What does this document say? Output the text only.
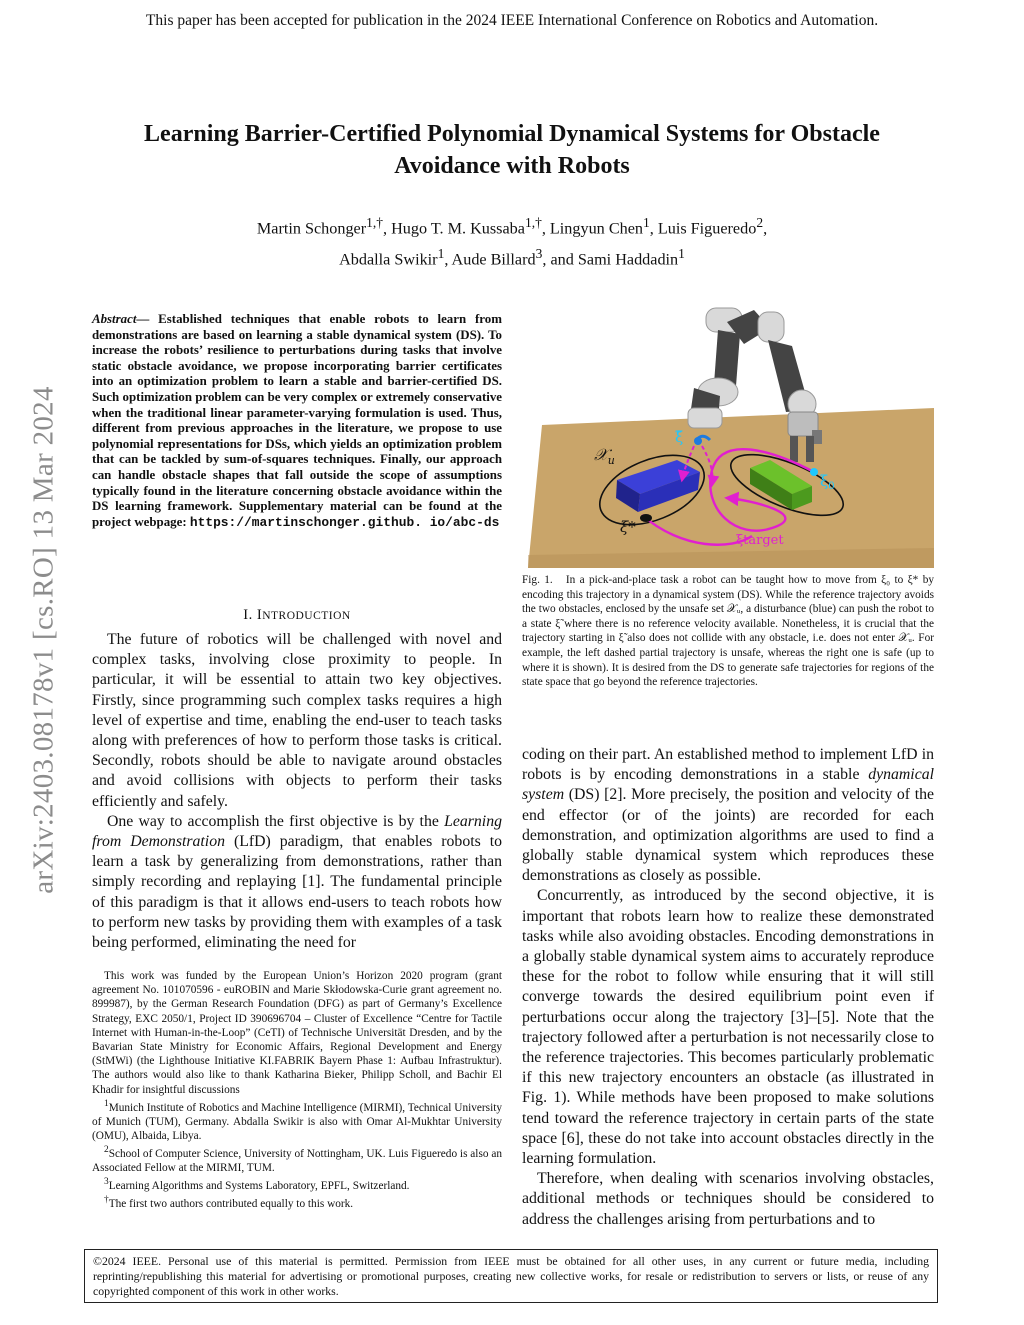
This paper has been accepted for publication in the 2024 IEEE International Conference on Robotics and Automation.
Learning Barrier-Certified Polynomial Dynamical Systems for Obstacle
Avoidance with Robots
Martin Schonger$^{1,\dagger}$, Hugo T. M. Kussaba$^{1,\dagger}$, Lingyun Chen$^1$, Luis Figueredo$^2$,
Abdalla Swikir$^1$, Aude Billard$^3$, and Sami Haddadin$^1$
arXiv:2403.08178v1 [cs.RO] 13 Mar 2024
Abstract— Established techniques that enable robots to learn from demonstrations are based on learning a stable dynamical system (DS). To increase the robots’ resilience to perturbations during tasks that involve static obstacle avoidance, we propose incorporating barrier certificates into an optimization problem to learn a stable and barrier-certified DS. Such optimization problem can be very complex or extremely conservative when the traditional linear parameter-varying formulation is used. Thus, different from previous approaches in the literature, we propose to use polynomial representations for DSs, which yields an optimization problem that can be tackled by sum-of-squares techniques. Finally, our approach can handle obstacle shapes that fall outside the scope of assumptions typically found in the literature concerning obstacle avoidance within the DS learning framework. Supplementary material can be found at the project webpage: https://martinschonger.github. io/abc-ds
I. INTRODUCTION

The future of robotics will be challenged with novel and complex tasks, involving close proximity to people. In particular, it will be essential to attain two key objectives. Firstly, since programming such complex tasks requires a high level of expertise and time, enabling the end-user to teach tasks along with preferences of how to perform those tasks is critical. Secondly, robots should be able to navigate around obstacles and avoid collisions with objects to perform their tasks efficiently and safely.

One way to accomplish the first objective is by the Learning from Demonstration (LfD) paradigm, that enables robots to learn a task by generalizing from demonstrations, rather than simply recording and replaying [1]. The fundamental principle of this paradigm is that it allows end-users to teach robots how to perform new tasks by providing them with examples of a task being performed, eliminating the need for

This work was funded by the European Union’s Horizon 2020 program (grant agreement No. 101070596 - euROBIN and Marie Skłodowska-Curie grant agreement no. 899987), by the German Research Foundation (DFG) as part of Germany’s Excellence Strategy, EXC 2050/1, Project ID 390696704 – Cluster of Excellence “Centre for Tactile Internet with Human-in-the-Loop” (CeTI) of Technische Universität Dresden, and by the Bavarian State Ministry for Economic Affairs, Regional Development and Energy (StMWi) (the Lighthouse Initiative KI.FABRIK Bayern Phase 1: Aufbau Infrastruktur). The authors would also like to thank Katharina Bieker, Philipp Scholl, and Bachir El Khadir for insightful discussions

$^1$Munich Institute of Robotics and Machine Intelligence (MIRMI), Technical University of Munich (TUM), Germany. Abdalla Swikir is also with Omar Al-Mukhtar University (OMU), Albaida, Libya.

$^2$School of Computer Science, University of Nottingham, UK. Luis Figueredo is also an Associated Fellow at the MIRMI, TUM.

$^3$Learning Algorithms and Systems Laboratory, EPFL, Switzerland.

†The first two authors contributed equally to this work.

𝒳$_u$
ξ̃
ξ*
$\xi_0$
ξtarget
Fig. 1. In a pick-and-place task a robot can be taught how to move from ξ₀ to ξ* by encoding this trajectory in a dynamical system (DS). While the reference trajectory avoids the two obstacles, enclosed by the unsafe set 𝒳ᵤ, a disturbance (blue) can push the robot to a state ξ̃ where there is no reference velocity available. Nonetheless, it is crucial that the trajectory starting in ξ̃ also does not collide with any obstacle, i.e. does not enter 𝒳ᵤ. For example, the left dashed partial trajectory is unsafe, whereas the right one is safe (up to where it is shown). It is desired from the DS to generate safe trajectories for regions of the state space that go beyond the reference trajectories.

coding on their part. An established method to implement LfD in robots is by encoding demonstrations in a stable dynamical system (DS) [2]. More precisely, the position and velocity of the end effector (or of the joints) are recorded for each demonstration, and optimization algorithms are used to find a globally stable dynamical system which reproduces these demonstrations as closely as possible.

Concurrently, as introduced by the second objective, it is important that robots learn how to realize these demonstrated tasks while also avoiding obstacles. Encoding demonstrations in a globally stable dynamical system aims to accurately reproduce these for the robot to follow while ensuring that it will still converge towards the desired equilibrium point even if perturbations occur along the trajectory [3]–[5]. Note that the trajectory followed after a perturbation is not necessarily close to the reference trajectories. This becomes particularly problematic if this new trajectory encounters an obstacle (as illustrated in Fig. 1). While methods have been proposed to make solutions tend toward the reference trajectory in certain parts of the state space [6], these do not take into account obstacles directly in the learning formulation.

Therefore, when dealing with scenarios involving obstacles, additional methods or techniques should be considered to address the challenges arising from perturbations and to

©2024 IEEE. Personal use of this material is permitted. Permission from IEEE must be obtained for all other uses, in any current or future media, including reprinting/republishing this material for advertising or promotional purposes, creating new collective works, for resale or redistribution to servers or lists, or reuse of any copyrighted component of this work in other works.
